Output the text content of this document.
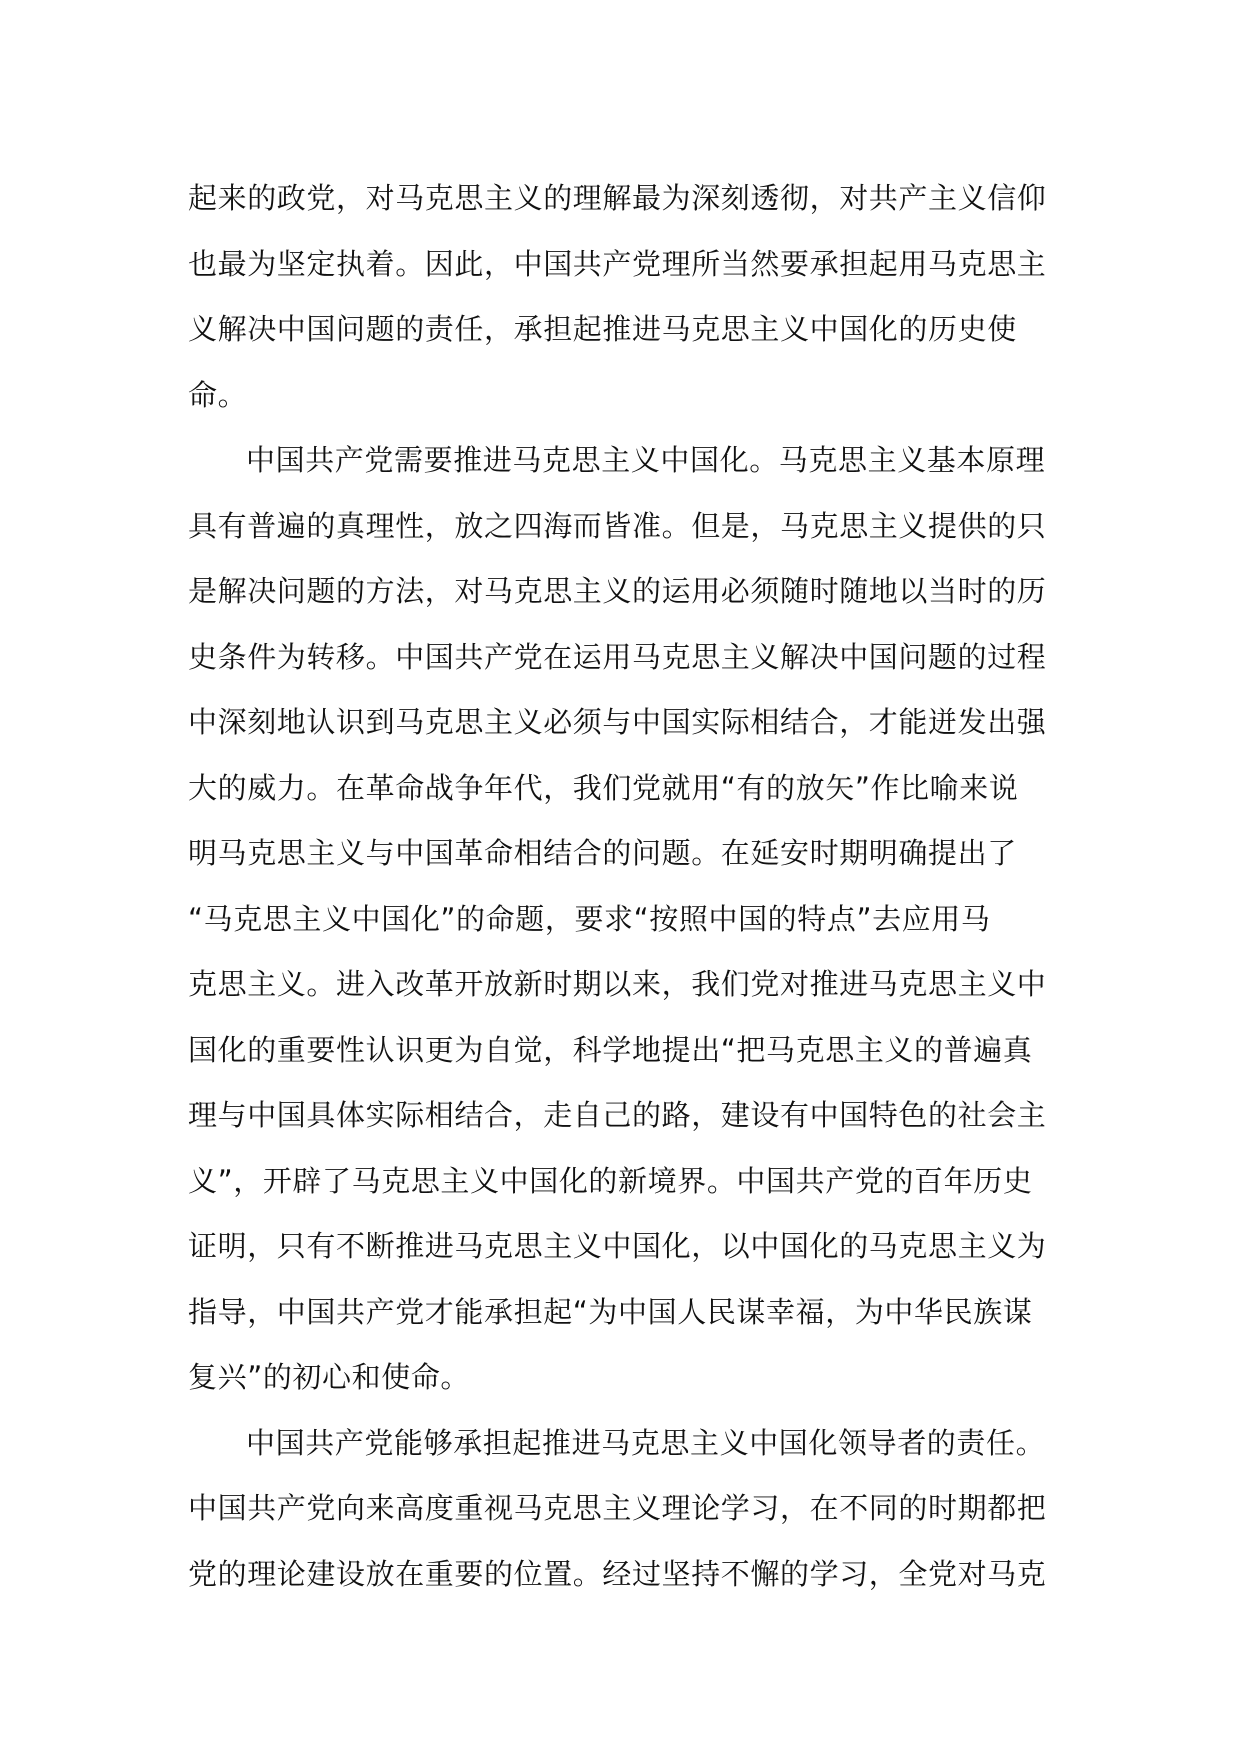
起来的政党，对马克思主义的理解最为深刻透彻，对共产主义信仰
也最为坚定执着。因此，中国共产党理所当然要承担起用马克思主
义解决中国问题的责任，承担起推进马克思主义中国化的历史使
命。
中国共产党需要推进马克思主义中国化。马克思主义基本原理
具有普遍的真理性，放之四海而皆准。但是，马克思主义提供的只
是解决问题的方法，对马克思主义的运用必须随时随地以当时的历
史条件为转移。中国共产党在运用马克思主义解决中国问题的过程
中深刻地认识到马克思主义必须与中国实际相结合，才能迸发出强
大的威力。在革命战争年代，我们党就用“有的放矢”作比喻来说
明马克思主义与中国革命相结合的问题。在延安时期明确提出了
“马克思主义中国化”的命题，要求“按照中国的特点”去应用马
克思主义。进入改革开放新时期以来，我们党对推进马克思主义中
国化的重要性认识更为自觉，科学地提出“把马克思主义的普遍真
理与中国具体实际相结合，走自己的路，建设有中国特色的社会主
义”，开辟了马克思主义中国化的新境界。中国共产党的百年历史
证明，只有不断推进马克思主义中国化，以中国化的马克思主义为
指导，中国共产党才能承担起“为中国人民谋幸福，为中华民族谋
复兴”的初心和使命。
中国共产党能够承担起推进马克思主义中国化领导者的责任。
中国共产党向来高度重视马克思主义理论学习，在不同的时期都把
党的理论建设放在重要的位置。经过坚持不懈的学习，全党对马克
